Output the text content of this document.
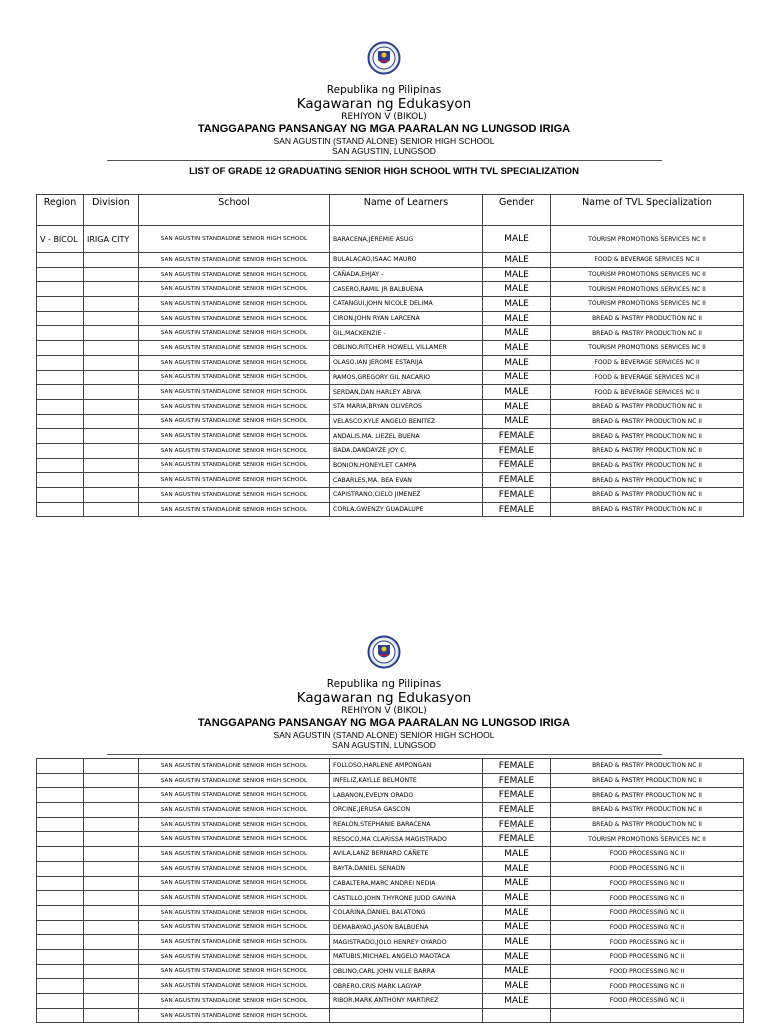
Republika ng Pilipinas
Kagawaran ng Edukasyon
REHIYON V (BIKOL)
TANGGAPANG PANSANGAY NG MGA PAARALAN NG LUNGSOD IRIGA
SAN AGUSTIN (STAND ALONE) SENIOR HIGH SCHOOL
SAN AGUSTIN, LUNGSOD
LIST OF GRADE 12 GRADUATING SENIOR HIGH SCHOOL WITH TVL SPECIALIZATION
Region	Division	School	Name of Learners	Gender	Name of TVL Specialization
V - BICOL	IRIGA CITY	SAN AGUSTIN STANDALONE SENIOR HIGH SCHOOL	BARACENA,JEREMIE ASUG	MALE	TOURISM PROMOTIONS SERVICES NC II
		SAN AGUSTIN STANDALONE SENIOR HIGH SCHOOL	BULALACAO,ISAAC MAURO	MALE	FOOD & BEVERAGE SERVICES NC II
		SAN AGUSTIN STANDALONE SENIOR HIGH SCHOOL	CAÑADA,EHJAY -	MALE	TOURISM PROMOTIONS SERVICES NC II
		SAN AGUSTIN STANDALONE SENIOR HIGH SCHOOL	CASERO,RAMIL JR BALBUENA	MALE	TOURISM PROMOTIONS SERVICES NC II
		SAN AGUSTIN STANDALONE SENIOR HIGH SCHOOL	CATANGUI,JOHN NICOLE DELIMA	MALE	TOURISM PROMOTIONS SERVICES NC II
		SAN AGUSTIN STANDALONE SENIOR HIGH SCHOOL	CIRON,JOHN RYAN LARCENA	MALE	BREAD & PASTRY PRODUCTION NC II
		SAN AGUSTIN STANDALONE SENIOR HIGH SCHOOL	GIL,MACKENZIE -	MALE	BREAD & PASTRY PRODUCTION NC II
		SAN AGUSTIN STANDALONE SENIOR HIGH SCHOOL	OBLINO,RITCHER HOWELL VILLAMER	MALE	TOURISM PROMOTIONS SERVICES NC II
		SAN AGUSTIN STANDALONE SENIOR HIGH SCHOOL	OLASO,IAN JEROME ESTARIJA	MALE	FOOD & BEVERAGE SERVICES NC II
		SAN AGUSTIN STANDALONE SENIOR HIGH SCHOOL	RAMOS,GREGORY GIL NACARIO	MALE	FOOD & BEVERAGE SERVICES NC II
		SAN AGUSTIN STANDALONE SENIOR HIGH SCHOOL	SERDAN,DAN HARLEY ABIVA	MALE	FOOD & BEVERAGE SERVICES NC II
		SAN AGUSTIN STANDALONE SENIOR HIGH SCHOOL	STA MARIA,BRYAN OLIVEROS	MALE	BREAD & PASTRY PRODUCTION NC II
		SAN AGUSTIN STANDALONE SENIOR HIGH SCHOOL	VELASCO,KYLE ANGELO BENITEZ	MALE	BREAD & PASTRY PRODUCTION NC II
		SAN AGUSTIN STANDALONE SENIOR HIGH SCHOOL	ANDALIS,MA. LIEZEL BUENA	FEMALE	BREAD & PASTRY PRODUCTION NC II
		SAN AGUSTIN STANDALONE SENIOR HIGH SCHOOL	BADA,DANDAYZE JOY C.	FEMALE	BREAD & PASTRY PRODUCTION NC II
		SAN AGUSTIN STANDALONE SENIOR HIGH SCHOOL	BONION,HONEYLET CAMPA	FEMALE	BREAD & PASTRY PRODUCTION NC II
		SAN AGUSTIN STANDALONE SENIOR HIGH SCHOOL	CABARLES,MA. BEA EVAN	FEMALE	BREAD & PASTRY PRODUCTION NC II
		SAN AGUSTIN STANDALONE SENIOR HIGH SCHOOL	CAPISTRANO,CIELO JIMENEZ	FEMALE	BREAD & PASTRY PRODUCTION NC II
		SAN AGUSTIN STANDALONE SENIOR HIGH SCHOOL	CORLA,GWENZY GUADALUPE	FEMALE	BREAD & PASTRY PRODUCTION NC II
Republika ng Pilipinas
Kagawaran ng Edukasyon
REHIYON V (BIKOL)
TANGGAPANG PANSANGAY NG MGA PAARALAN NG LUNGSOD IRIGA
SAN AGUSTIN (STAND ALONE) SENIOR HIGH SCHOOL
SAN AGUSTIN, LUNGSOD
		SAN AGUSTIN STANDALONE SENIOR HIGH SCHOOL	FOLLOSO,HARLENE AMPONGAN	FEMALE	BREAD & PASTRY PRODUCTION NC II
		SAN AGUSTIN STANDALONE SENIOR HIGH SCHOOL	INFELIZ,KAYLLE BELMONTE	FEMALE	BREAD & PASTRY PRODUCTION NC II
		SAN AGUSTIN STANDALONE SENIOR HIGH SCHOOL	LABANON,EVELYN ORADO	FEMALE	BREAD & PASTRY PRODUCTION NC II
		SAN AGUSTIN STANDALONE SENIOR HIGH SCHOOL	ORCINE,JERUSA GASCON	FEMALE	BREAD & PASTRY PRODUCTION NC II
		SAN AGUSTIN STANDALONE SENIOR HIGH SCHOOL	REALON,STEPHANIE BARACENA	FEMALE	BREAD & PASTRY PRODUCTION NC II
		SAN AGUSTIN STANDALONE SENIOR HIGH SCHOOL	RESOCO,MA CLARISSA MAGISTRADO	FEMALE	TOURISM PROMOTIONS SERVICES NC II
		SAN AGUSTIN STANDALONE SENIOR HIGH SCHOOL	AVILA,LANZ BERNARD CAÑETE	MALE	FOOD PROCESSING NC II
		SAN AGUSTIN STANDALONE SENIOR HIGH SCHOOL	BAYTA,DANIEL SENAON	MALE	FOOD PROCESSING NC II
		SAN AGUSTIN STANDALONE SENIOR HIGH SCHOOL	CABALTERA,MARC ANDREI NEDIA	MALE	FOOD PROCESSING NC II
		SAN AGUSTIN STANDALONE SENIOR HIGH SCHOOL	CASTILLO,JOHN THYRONE JUDD GAVINA	MALE	FOOD PROCESSING NC II
		SAN AGUSTIN STANDALONE SENIOR HIGH SCHOOL	COLARINA,DANIEL BALATONG	MALE	FOOD PROCESSING NC II
		SAN AGUSTIN STANDALONE SENIOR HIGH SCHOOL	DEMABAYAO,JASON BALBUENA	MALE	FOOD PROCESSING NC II
		SAN AGUSTIN STANDALONE SENIOR HIGH SCHOOL	MAGISTRADO,JOLO HENREY OYARDO	MALE	FOOD PROCESSING NC II
		SAN AGUSTIN STANDALONE SENIOR HIGH SCHOOL	MATUBIS,MICHAEL ANGELO MAOTACA	MALE	FOOD PROCESSING NC II
		SAN AGUSTIN STANDALONE SENIOR HIGH SCHOOL	OBLINO,CARL JOHN VILLE BARRA	MALE	FOOD PROCESSING NC II
		SAN AGUSTIN STANDALONE SENIOR HIGH SCHOOL	OBRERO,CRIS MARK LAGYAP	MALE	FOOD PROCESSING NC II
		SAN AGUSTIN STANDALONE SENIOR HIGH SCHOOL	RIBOR,MARK ANTHONY MARTIREZ	MALE	FOOD PROCESSING NC II
		SAN AGUSTIN STANDALONE SENIOR HIGH SCHOOL			
